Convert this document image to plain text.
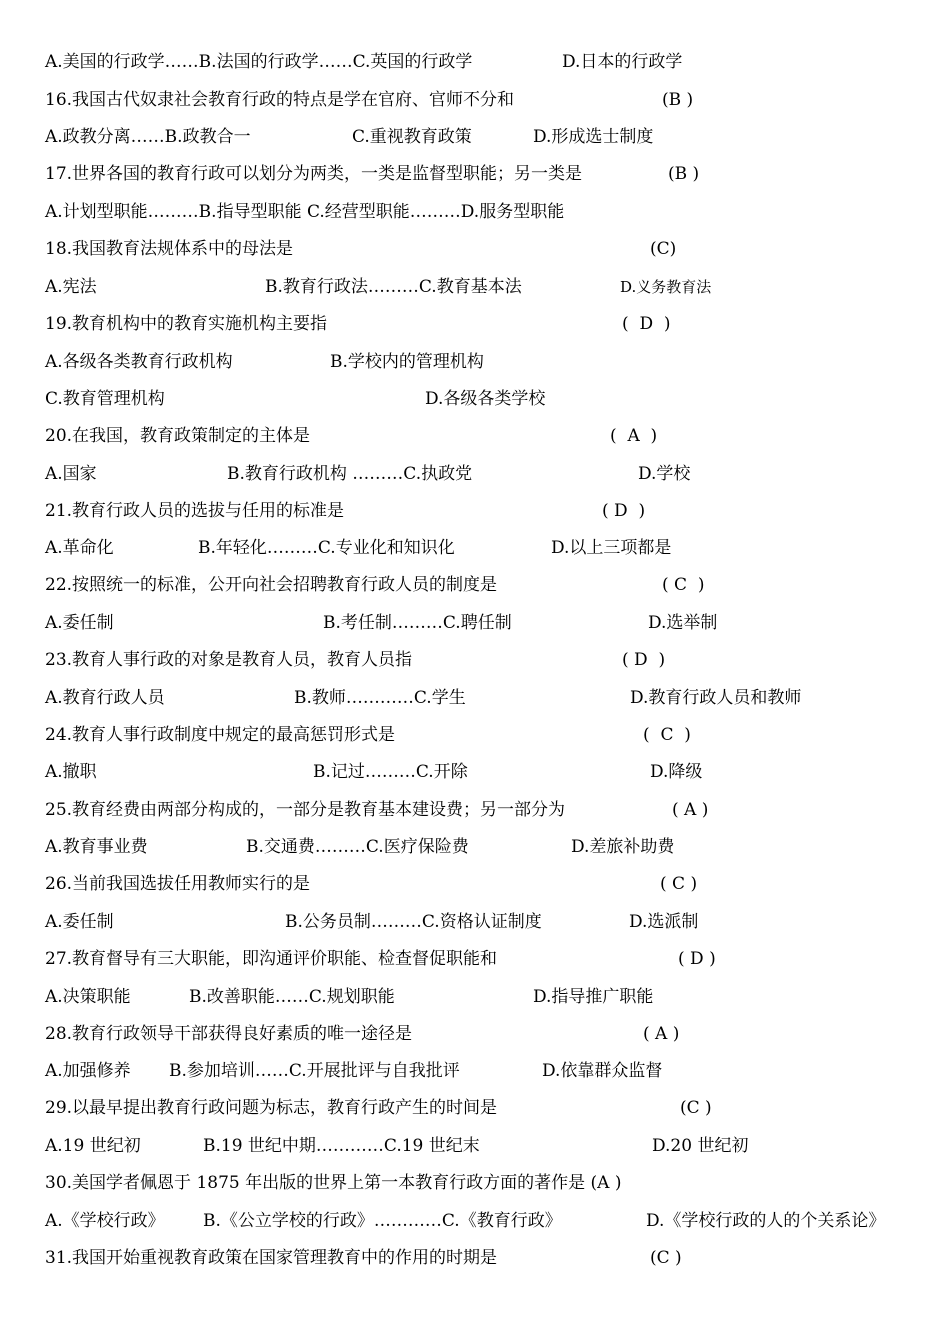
A.美国的行政学……B.法国的行政学……C.英国的行政学	D.日本的行政学
16.我国古代奴隶社会教育行政的特点是学在官府、官师不分和	(B )
A.政教分离……B.政教合一	C.重视教育政策	D.形成选士制度
17.世界各国的教育行政可以划分为两类，一类是监督型职能；另一类是	(B )
A.计划型职能………B.指导型职能 C.经营型职能………D.服务型职能
18.我国教育法规体系中的母法是	(C)
A.宪法	B.教育行政法………C.教育基本法	D.义务教育法
19.教育机构中的教育实施机构主要指	(  D  )
A.各级各类教育行政机构	B.学校内的管理机构
C.教育管理机构	D.各级各类学校
20.在我国，教育政策制定的主体是	(  A  )
A.国家	B.教育行政机构 ………C.执政党	D.学校
21.教育行政人员的选拔与任用的标准是	( D  )
A.革命化	B.年轻化………C.专业化和知识化	D.以上三项都是
22.按照统一的标准，公开向社会招聘教育行政人员的制度是	( C  )
A.委任制	B.考任制………C.聘任制	D.选举制
23.教育人事行政的对象是教育人员，教育人员指	( D  )
A.教育行政人员	B.教师…………C.学生	D.教育行政人员和教师
24.教育人事行政制度中规定的最高惩罚形式是	(  C  )
A.撤职	B.记过………C.开除	D.降级
25.教育经费由两部分构成的，一部分是教育基本建设费；另一部分为	( A )
A.教育事业费	B.交通费………C.医疗保险费	D.差旅补助费
26.当前我国选拔任用教师实行的是	( C )
A.委任制	B.公务员制………C.资格认证制度	D.选派制
27.教育督导有三大职能，即沟通评价职能、检查督促职能和	( D )
A.决策职能	B.改善职能……C.规划职能	D.指导推广职能
28.教育行政领导干部获得良好素质的唯一途径是	( A )
A.加强修养 B.参加培训……C.开展批评与自我批评	D.依靠群众监督
29.以最早提出教育行政问题为标志，教育行政产生的时间是	(C )
A.19 世纪初	B.19 世纪中期…………C.19 世纪末	D.20 世纪初
30.美国学者佩恩于 1875 年出版的世界上第一本教育行政方面的著作是 (A )
A.《学校行政》 B.《公立学校的行政》…………C.《教育行政》	D.《学校行政的人的个关系论》
31.我国开始重视教育政策在国家管理教育中的作用的时期是	(C )
